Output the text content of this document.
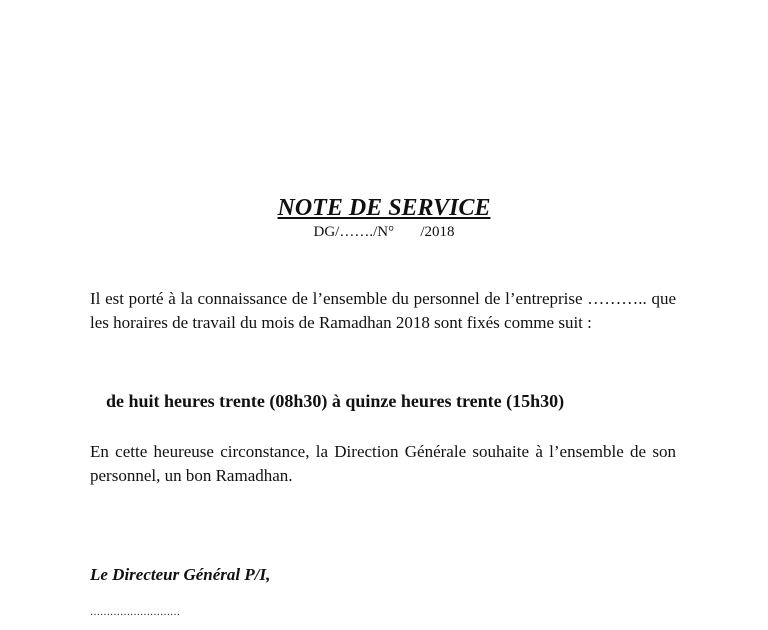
NOTE DE SERVICE
DG/……./N°       /2018
Il est porté à la connaissance de l’ensemble du personnel de l’entreprise ……….. que les horaires de travail du mois de Ramadhan 2018 sont fixés comme suit :
de huit heures trente (08h30) à quinze heures trente (15h30)
En cette heureuse circonstance, la Direction Générale souhaite à l’ensemble de son personnel, un bon Ramadhan.
Le Directeur Général P/I,
………………………
